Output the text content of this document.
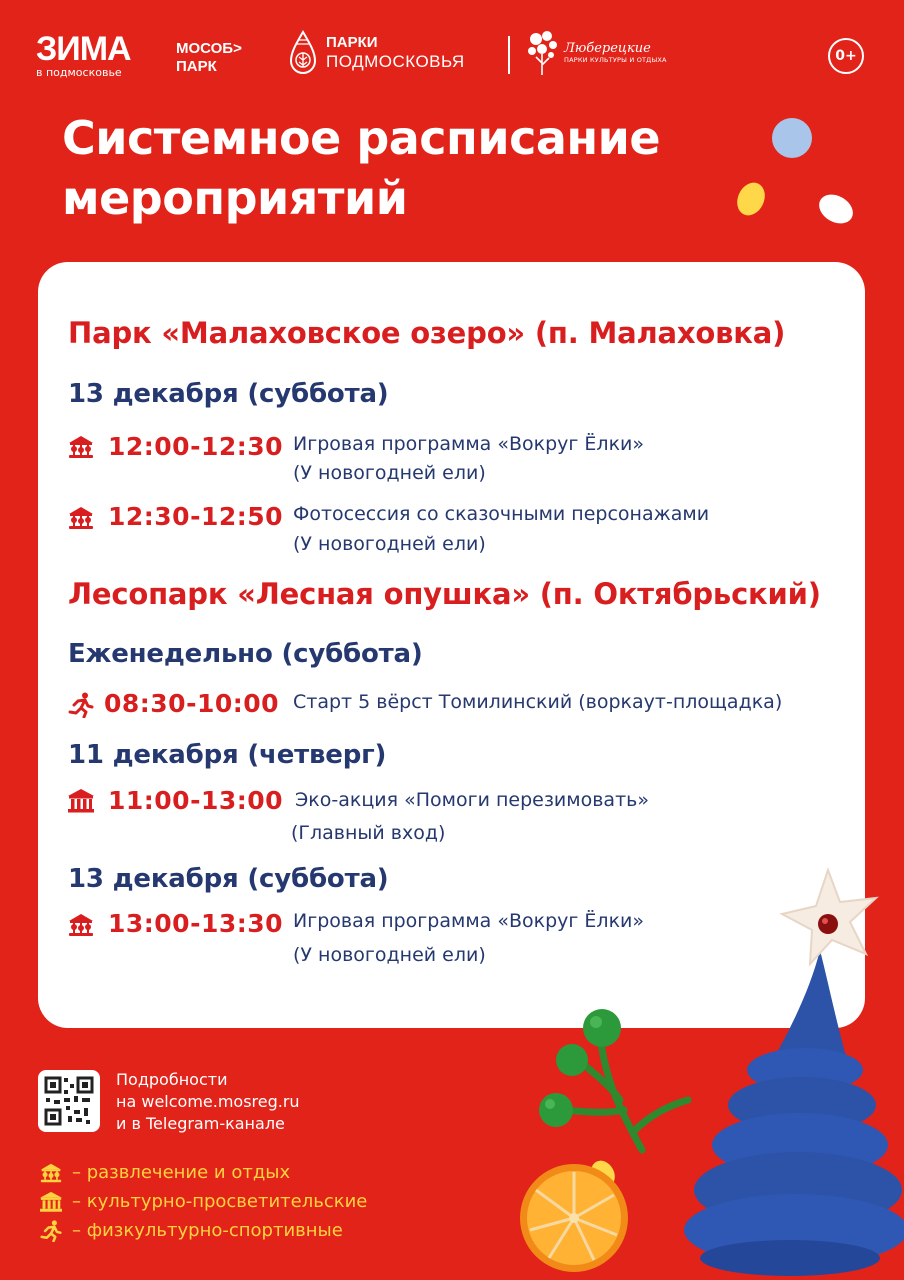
ЗИМА
в подмосковье
МОСОБ>
ПАРК
ПАРКИ
ПОДМОСКОВЬЯ
Люберецкие
ПАРКИ КУЛЬТУРЫ И ОТДЫХА	0+
Системное расписание
мероприятий
Парк «Малаховское озеро» (п. Малаховка)
13 декабря (суббота)
12:00-12:30 Игровая программа «Вокруг Ёлки»
(У новогодней ели)
12:30-12:50 Фотосессия со сказочными персонажами
(У новогодней ели)
Лесопарк «Лесная опушка» (п. Октябрьский)
Еженедельно (суббота)
08:30-10:00 Старт 5 вёрст Томилинский (воркаут-площадка)
11 декабря (четверг)
11:00-13:00 Эко-акция «Помоги перезимовать»
(Главный вход)
13 декабря (суббота)
13:00-13:30 Игровая программа «Вокруг Ёлки»
(У новогодней ели)
Подробности
на welcome.mosreg.ru
и в Telegram-канале
– развлечение и отдых
– культурно-просветительские
– физкультурно-спортивные
